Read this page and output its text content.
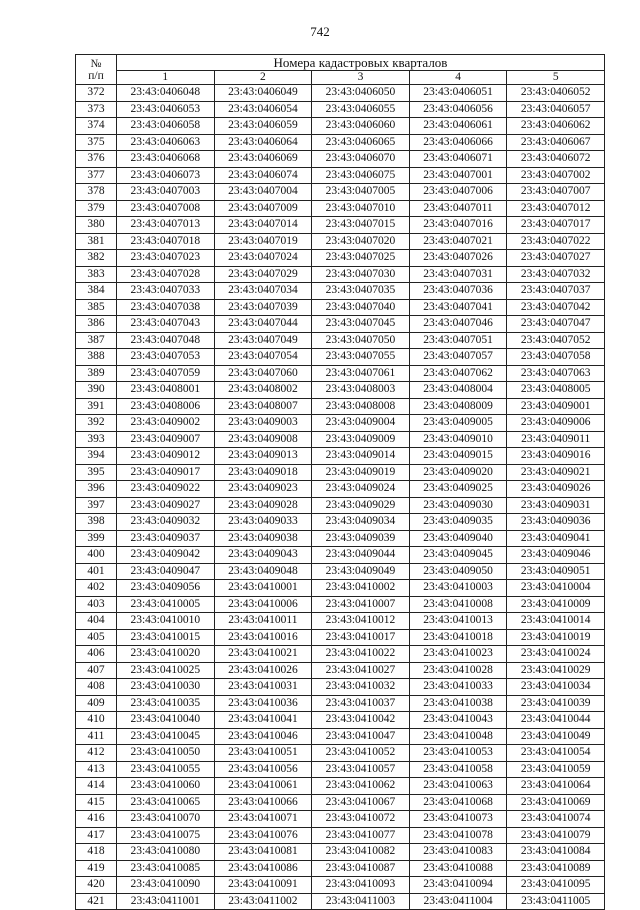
742
№
п/п	Номера кадастровых кварталов				
	1	2	3	4	5
372	23:43:0406048	23:43:0406049	23:43:0406050	23:43:0406051	23:43:0406052
373	23:43:0406053	23:43:0406054	23:43:0406055	23:43:0406056	23:43:0406057
374	23:43:0406058	23:43:0406059	23:43:0406060	23:43:0406061	23:43:0406062
375	23:43:0406063	23:43:0406064	23:43:0406065	23:43:0406066	23:43:0406067
376	23:43:0406068	23:43:0406069	23:43:0406070	23:43:0406071	23:43:0406072
377	23:43:0406073	23:43:0406074	23:43:0406075	23:43:0407001	23:43:0407002
378	23:43:0407003	23:43:0407004	23:43:0407005	23:43:0407006	23:43:0407007
379	23:43:0407008	23:43:0407009	23:43:0407010	23:43:0407011	23:43:0407012
380	23:43:0407013	23:43:0407014	23:43:0407015	23:43:0407016	23:43:0407017
381	23:43:0407018	23:43:0407019	23:43:0407020	23:43:0407021	23:43:0407022
382	23:43:0407023	23:43:0407024	23:43:0407025	23:43:0407026	23:43:0407027
383	23:43:0407028	23:43:0407029	23:43:0407030	23:43:0407031	23:43:0407032
384	23:43:0407033	23:43:0407034	23:43:0407035	23:43:0407036	23:43:0407037
385	23:43:0407038	23:43:0407039	23:43:0407040	23:43:0407041	23:43:0407042
386	23:43:0407043	23:43:0407044	23:43:0407045	23:43:0407046	23:43:0407047
387	23:43:0407048	23:43:0407049	23:43:0407050	23:43:0407051	23:43:0407052
388	23:43:0407053	23:43:0407054	23:43:0407055	23:43:0407057	23:43:0407058
389	23:43:0407059	23:43:0407060	23:43:0407061	23:43:0407062	23:43:0407063
390	23:43:0408001	23:43:0408002	23:43:0408003	23:43:0408004	23:43:0408005
391	23:43:0408006	23:43:0408007	23:43:0408008	23:43:0408009	23:43:0409001
392	23:43:0409002	23:43:0409003	23:43:0409004	23:43:0409005	23:43:0409006
393	23:43:0409007	23:43:0409008	23:43:0409009	23:43:0409010	23:43:0409011
394	23:43:0409012	23:43:0409013	23:43:0409014	23:43:0409015	23:43:0409016
395	23:43:0409017	23:43:0409018	23:43:0409019	23:43:0409020	23:43:0409021
396	23:43:0409022	23:43:0409023	23:43:0409024	23:43:0409025	23:43:0409026
397	23:43:0409027	23:43:0409028	23:43:0409029	23:43:0409030	23:43:0409031
398	23:43:0409032	23:43:0409033	23:43:0409034	23:43:0409035	23:43:0409036
399	23:43:0409037	23:43:0409038	23:43:0409039	23:43:0409040	23:43:0409041
400	23:43:0409042	23:43:0409043	23:43:0409044	23:43:0409045	23:43:0409046
401	23:43:0409047	23:43:0409048	23:43:0409049	23:43:0409050	23:43:0409051
402	23:43:0409056	23:43:0410001	23:43:0410002	23:43:0410003	23:43:0410004
403	23:43:0410005	23:43:0410006	23:43:0410007	23:43:0410008	23:43:0410009
404	23:43:0410010	23:43:0410011	23:43:0410012	23:43:0410013	23:43:0410014
405	23:43:0410015	23:43:0410016	23:43:0410017	23:43:0410018	23:43:0410019
406	23:43:0410020	23:43:0410021	23:43:0410022	23:43:0410023	23:43:0410024
407	23:43:0410025	23:43:0410026	23:43:0410027	23:43:0410028	23:43:0410029
408	23:43:0410030	23:43:0410031	23:43:0410032	23:43:0410033	23:43:0410034
409	23:43:0410035	23:43:0410036	23:43:0410037	23:43:0410038	23:43:0410039
410	23:43:0410040	23:43:0410041	23:43:0410042	23:43:0410043	23:43:0410044
411	23:43:0410045	23:43:0410046	23:43:0410047	23:43:0410048	23:43:0410049
412	23:43:0410050	23:43:0410051	23:43:0410052	23:43:0410053	23:43:0410054
413	23:43:0410055	23:43:0410056	23:43:0410057	23:43:0410058	23:43:0410059
414	23:43:0410060	23:43:0410061	23:43:0410062	23:43:0410063	23:43:0410064
415	23:43:0410065	23:43:0410066	23:43:0410067	23:43:0410068	23:43:0410069
416	23:43:0410070	23:43:0410071	23:43:0410072	23:43:0410073	23:43:0410074
417	23:43:0410075	23:43:0410076	23:43:0410077	23:43:0410078	23:43:0410079
418	23:43:0410080	23:43:0410081	23:43:0410082	23:43:0410083	23:43:0410084
419	23:43:0410085	23:43:0410086	23:43:0410087	23:43:0410088	23:43:0410089
420	23:43:0410090	23:43:0410091	23:43:0410093	23:43:0410094	23:43:0410095
421	23:43:0411001	23:43:0411002	23:43:0411003	23:43:0411004	23:43:0411005
